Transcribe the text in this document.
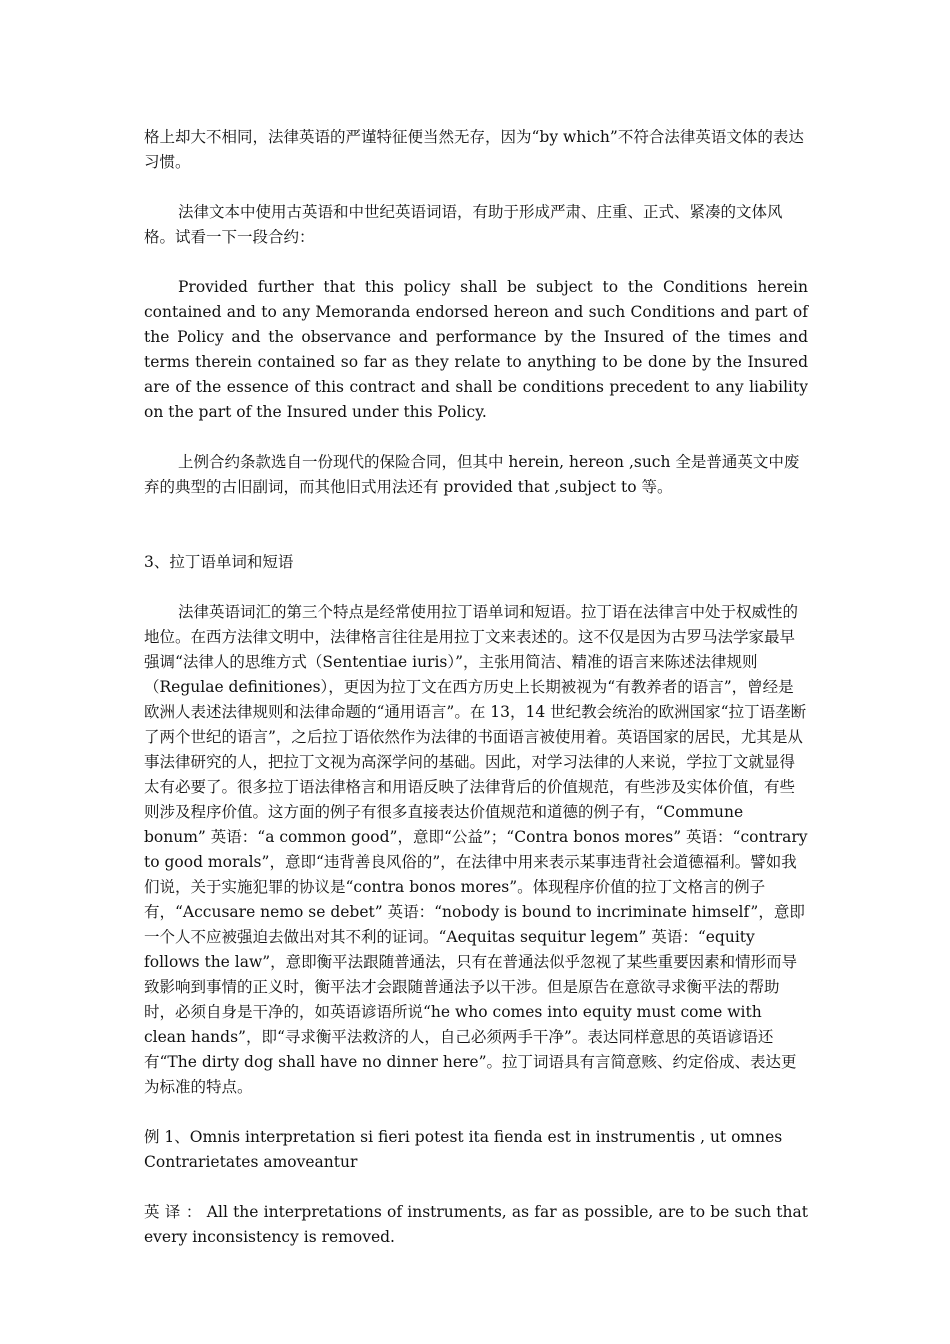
格上却大不相同，法律英语的严谨特征便当然无存，因为“by which”不符合法律英语文体的表达习惯。

法律文本中使用古英语和中世纪英语词语，有助于形成严肃、庄重、正式、紧凑的文体风格。试看一下一段合约：

Provided further that this policy shall be subject to the Conditions herein contained and to any Memoranda endorsed hereon and such Conditions and part of the Policy and the observance and performance by the Insured of the times and terms therein contained so far as they relate to anything to be done by the Insured are of the essence of this contract and shall be conditions precedent to any liability on the part of the Insured under this Policy.

上例合约条款选自一份现代的保险合同，但其中 herein, hereon ,such 全是普通英文中废弃的典型的古旧副词，而其他旧式用法还有 provided that ,subject to 等。

3、拉丁语单词和短语

法律英语词汇的第三个特点是经常使用拉丁语单词和短语。拉丁语在法律言中处于权威性的地位。在西方法律文明中，法律格言往往是用拉丁文来表述的。这不仅是因为古罗马法学家最早强调“法律人的思维方式（Sententiae iuris）”，主张用简洁、精准的语言来陈述法律规则（Regulae definitiones），更因为拉丁文在西方历史上长期被视为“有教养者的语言”，曾经是欧洲人表述法律规则和法律命题的“通用语言”。在 13，14 世纪教会统治的欧洲国家“拉丁语垄断了两个世纪的语言”，之后拉丁语依然作为法律的书面语言被使用着。英语国家的居民，尤其是从事法律研究的人，把拉丁文视为高深学问的基础。因此，对学习法律的人来说，学拉丁文就显得太有必要了。很多拉丁语法律格言和用语反映了法律背后的价值规范，有些涉及实体价值，有些则涉及程序价值。这方面的例子有很多直接表达价值规范和道德的例子有，“Commune bonum” 英语：“a common good”，意即“公益”；“Contra bonos mores” 英语：“contrary to good morals”，意即“违背善良风俗的”，在法律中用来表示某事违背社会道德福利。譬如我们说，关于实施犯罪的协议是“contra bonos mores”。体现程序价值的拉丁文格言的例子有，“Accusare nemo se debet” 英语：“nobody is bound to incriminate himself”，意即一个人不应被强迫去做出对其不利的证词。“Aequitas sequitur legem” 英语：“equity follows the law”，意即衡平法跟随普通法，只有在普通法似乎忽视了某些重要因素和情形而导致影响到事情的正义时，衡平法才会跟随普通法予以干涉。但是原告在意欲寻求衡平法的帮助时，必须自身是干净的，如英语谚语所说“he who comes into equity must come with clean hands”，即“寻求衡平法救济的人，自己必须两手干净”。表达同样意思的英语谚语还有“The dirty dog shall have no dinner here”。拉丁词语具有言简意赅、约定俗成、表达更为标准的特点。

例 1、Omnis interpretation si fieri potest ita fienda est in instrumentis , ut omnes
Contrarietates amoveantur

英 译 ： All the interpretations of instruments, as far as possible, are to be such that every inconsistency is removed.
